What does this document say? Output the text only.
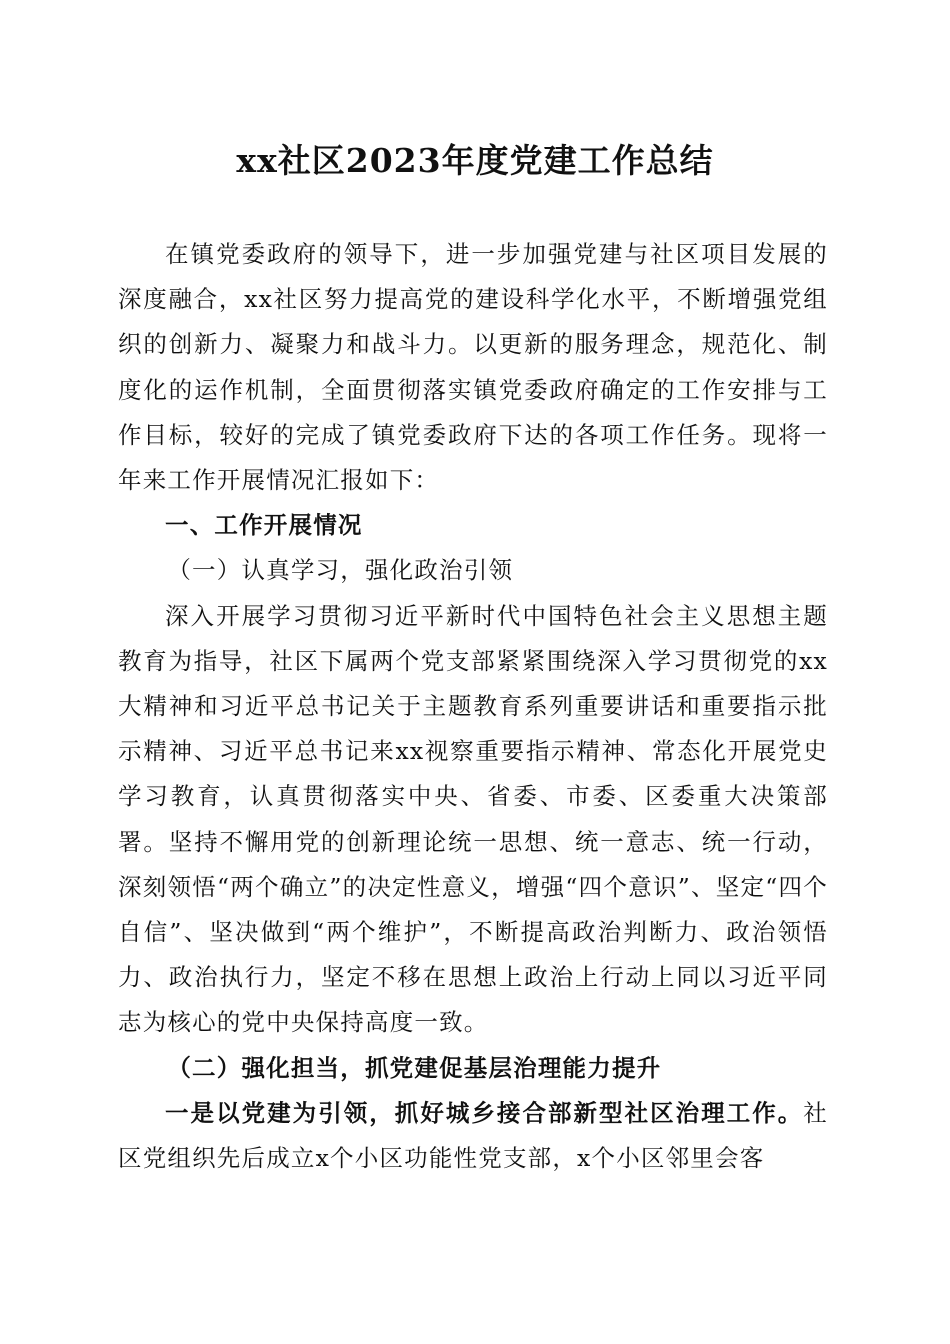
xx社区2023年度党建工作总结

在镇党委政府的领导下，进一步加强党建与社区项目发展的深度融合，xx社区努力提高党的建设科学化水平，不断增强党组织的创新力、凝聚力和战斗力。以更新的服务理念，规范化、制度化的运作机制，全面贯彻落实镇党委政府确定的工作安排与工作目标，较好的完成了镇党委政府下达的各项工作任务。现将一年来工作开展情况汇报如下：

一、工作开展情况

（一）认真学习，强化政治引领

深入开展学习贯彻习近平新时代中国特色社会主义思想主题教育为指导，社区下属两个党支部紧紧围绕深入学习贯彻党的xx大精神和习近平总书记关于主题教育系列重要讲话和重要指示批示精神、习近平总书记来xx视察重要指示精神、常态化开展党史学习教育，认真贯彻落实中央、省委、市委、区委重大决策部署。坚持不懈用党的创新理论统一思想、统一意志、统一行动，深刻领悟“两个确立”的决定性意义，增强“四个意识”、坚定“四个自信”、坚决做到“两个维护”，不断提高政治判断力、政治领悟力、政治执行力，坚定不移在思想上政治上行动上同以习近平同志为核心的党中央保持高度一致。

（二）强化担当，抓党建促基层治理能力提升

一是以党建为引领，抓好城乡接合部新型社区治理工作。社区党组织先后成立x个小区功能性党支部，x个小区邻里会客
